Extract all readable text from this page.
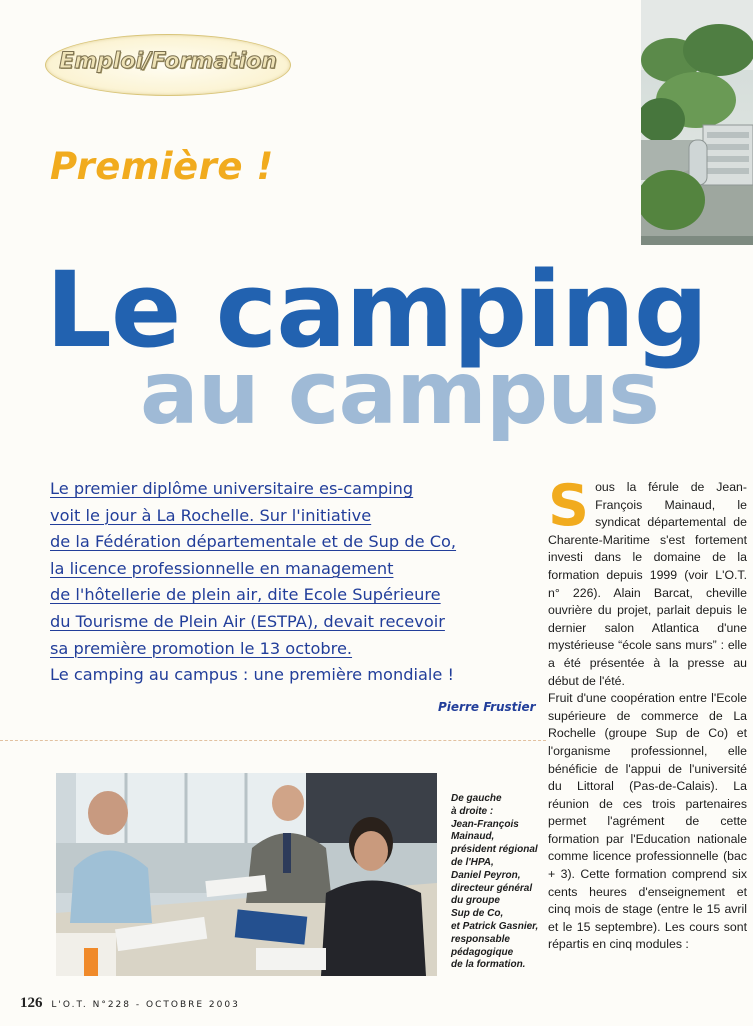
Emploi/Formation
Première !
Le camping
au campus
Le premier diplôme universitaire es-camping
voit le jour à La Rochelle. Sur l'initiative
de la Fédération départementale et de Sup de Co,
la licence professionnelle en management
de l'hôtellerie de plein air, dite Ecole Supérieure
du Tourisme de Plein Air (ESTPA), devait recevoir
sa première promotion le 13 octobre.
Le camping au campus : une première mondiale !
Pierre Frustier
S ous la férule de Jean-François Mainaud, le syndicat départemental de Charente-Maritime s'est fortement investi dans le domaine de la formation depuis 1999 (voir L'O.T. n° 226). Alain Barcat, cheville ouvrière du projet, parlait depuis le dernier salon Atlantica d'une mystérieuse “école sans murs” : elle a été présentée à la presse au début de l'été.

Fruit d'une coopération entre l'Ecole supérieure de commerce de La Rochelle (groupe Sup de Co) et l'organisme professionnel, elle bénéficie de l'appui de l'université du Littoral (Pas-de-Calais). La réunion de ces trois partenaires permet l'agrément de cette formation par l'Education nationale comme licence professionnelle (bac + 3). Cette formation comprend six cents heures d'enseignement et cinq mois de stage (entre le 15 avril et le 15 septembre). Les cours sont répartis en cinq modules :

De gauche
à droite :
Jean-François
Mainaud,
président régional
de l'HPA,
Daniel Peyron,
directeur général
du groupe
Sup de Co,
et Patrick Gasnier,
responsable
pédagogique
de la formation.
126 L'O.T. N°228 - OCTOBRE 2003
